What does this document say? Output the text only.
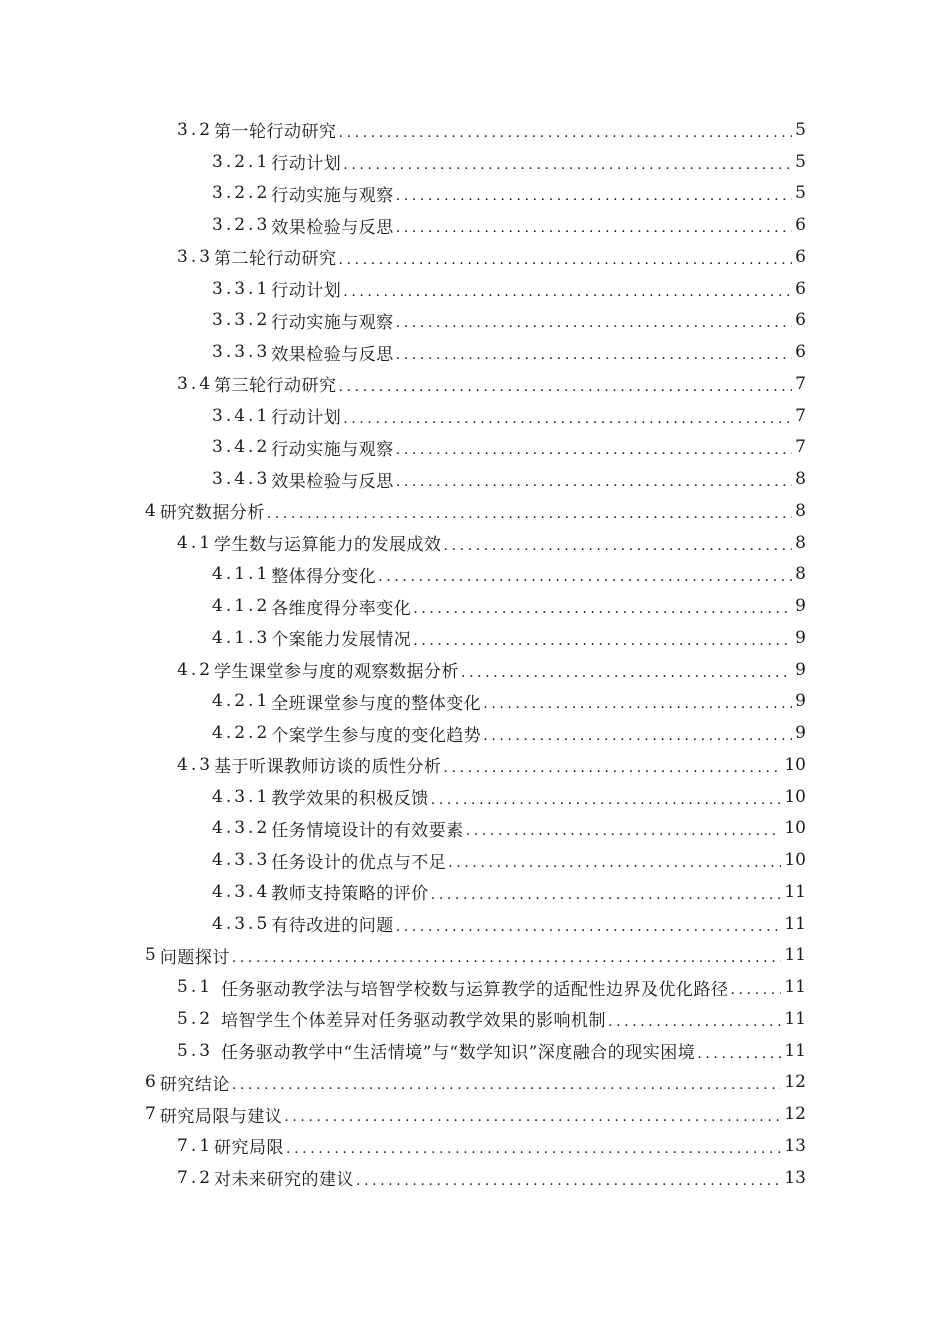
3.2 第一轮行动研究 .....	5
3.2.1 行动计划 .....	5
3.2.2 行动实施与观察 .....	5
3.2.3 效果检验与反思 .....	6
3.3 第二轮行动研究 .....	6
3.3.1 行动计划 .....	6
3.3.2 行动实施与观察 .....	6
3.3.3 效果检验与反思 .....	6
3.4 第三轮行动研究 .....	7
3.4.1 行动计划 .....	7
3.4.2 行动实施与观察 .....	7
3.4.3 效果检验与反思 .....	8
4 研究数据分析 .....	8
4.1 学生数与运算能力的发展成效 .....	8
4.1.1 整体得分变化 .....	8
4.1.2 各维度得分率变化 .....	9
4.1.3 个案能力发展情况 .....	9
4.2 学生课堂参与度的观察数据分析 .....	9
4.2.1 全班课堂参与度的整体变化 .....	9
4.2.2 个案学生参与度的变化趋势 .....	9
4.3 基于听课教师访谈的质性分析 .....	10
4.3.1 教学效果的积极反馈 .....	10
4.3.2 任务情境设计的有效要素 .....	10
4.3.3 任务设计的优点与不足 .....	10
4.3.4 教师支持策略的评价 .....	11
4.3.5 有待改进的问题 .....	11
5 问题探讨 .....	11
5.1 任务驱动教学法与培智学校数与运算教学的适配性边界及优化路径 .....	11
5.2 培智学生个体差异对任务驱动教学效果的影响机制 .....	11
5.3 任务驱动教学中“生活情境”与“数学知识”深度融合的现实困境 .....	11
6 研究结论 .....	12
7 研究局限与建议 .....	12
7.1 研究局限 .....	13
7.2 对未来研究的建议 .....	13
